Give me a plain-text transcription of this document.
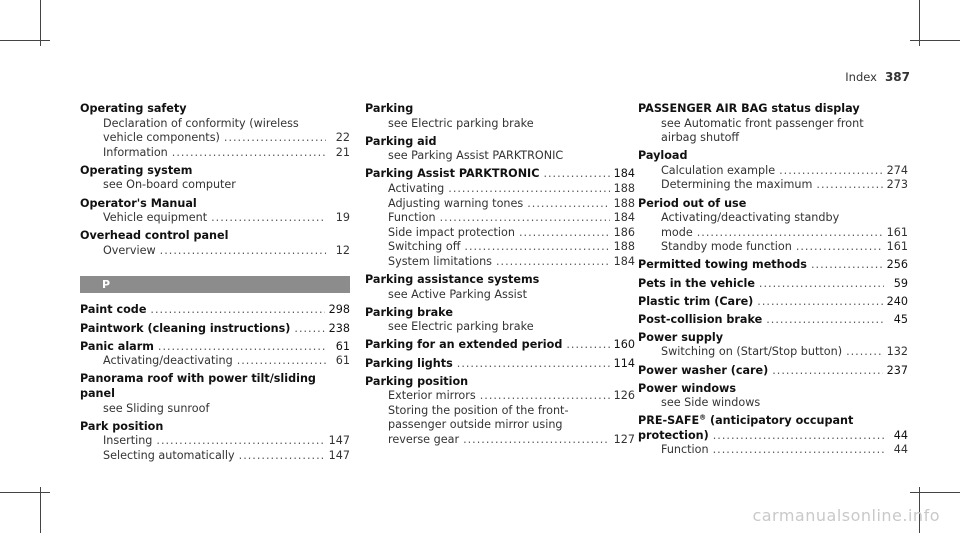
Index 387
Operating safety
Declaration of conformity (wireless
vehicle components) .....	22
Information .....	21
Operating system
see On-board computer
Operator's Manual
Vehicle equipment .....	19
Overhead control panel
Overview .....	12
P
Paint code .....	298
Paintwork (cleaning instructions) .....	238
Panic alarm .....	61
Activating/deactivating .....	61
Panorama roof with power tilt/sliding
panel
see Sliding sunroof
Park position
Inserting .....	147
Selecting automatically .....	147
Parking
see Electric parking brake
Parking aid
see Parking Assist PARKTRONIC
Parking Assist PARKTRONIC .....	184
Activating .....	188
Adjusting warning tones .....	188
Function .....	184
Side impact protection .....	186
Switching off .....	188
System limitations .....	184
Parking assistance systems
see Active Parking Assist
Parking brake
see Electric parking brake
Parking for an extended period .....	160
Parking lights .....	114
Parking position
Exterior mirrors .....	126
Storing the position of the front-
passenger outside mirror using
reverse gear .....	127
PASSENGER AIR BAG status display
see Automatic front passenger front
airbag shutoff
Payload
Calculation example .....	274
Determining the maximum .....	273
Period out of use
Activating/deactivating standby
mode .....	161
Standby mode function .....	161
Permitted towing methods .....	256
Pets in the vehicle .....	59
Plastic trim (Care) .....	240
Post-collision brake .....	45
Power supply
Switching on (Start/Stop button) .....	132
Power washer (care) .....	237
Power windows
see Side windows
PRE-SAFE® (anticipatory occupant
protection) .....	44
Function .....	44
carmanualsonline.info
